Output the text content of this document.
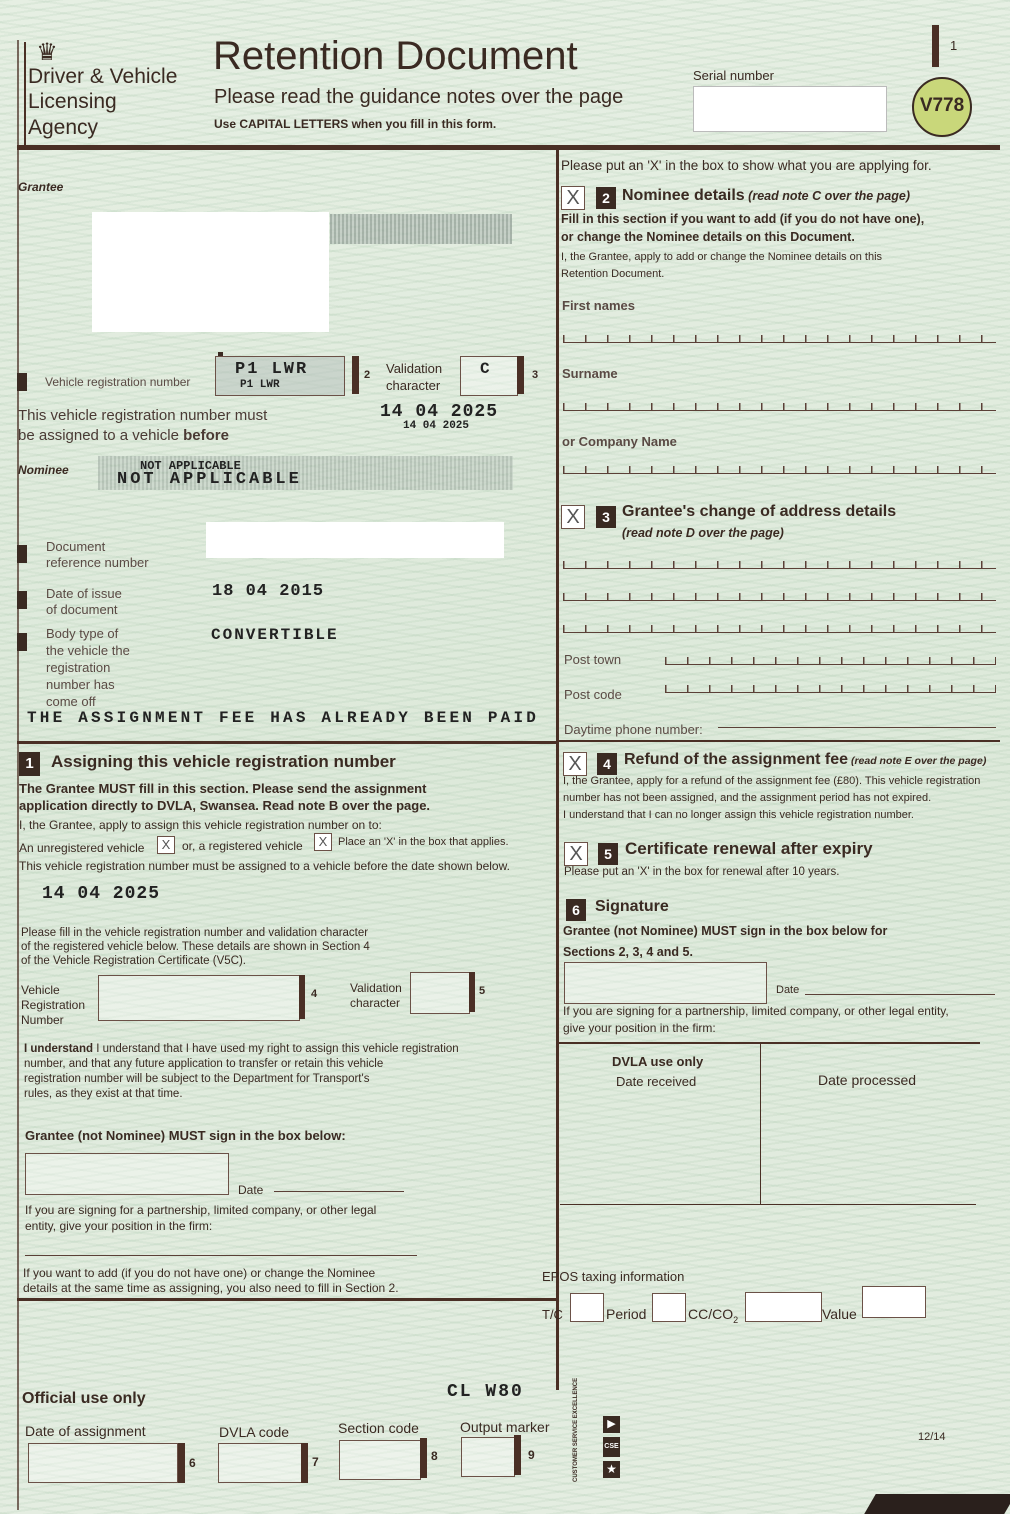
♛
Driver & Vehicle
Licensing
Agency
Retention Document
Please read the guidance notes over the page
Use CAPITAL LETTERS when you fill in this form.
1
Serial number
V778
Grantee
Vehicle registration number
P1 LWR
P1 LWR
2 Validation
character
C	3
This vehicle registration number must
be assigned to a vehicle before
14 04 2025
14 04 2025
Nominee	NOT APPLICABLE
NOT APPLICABLE
Document
reference number
Date of issue
of document
18 04 2015
Body type of
the vehicle the
registration
number has
come off
CONVERTIBLE
THE ASSIGNMENT FEE HAS ALREADY BEEN PAID
1	Assigning this vehicle registration number
The Grantee MUST fill in this section. Please send the assignment
application directly to DVLA, Swansea. Read note B over the page.
I, the Grantee, apply to assign this vehicle registration number on to:
An unregistered vehicle	X or, a registered vehicle	X Place an 'X' in the box that applies.
This vehicle registration number must be assigned to a vehicle before the date shown below.
14 04 2025
Please fill in the vehicle registration number and validation character
of the registered vehicle below. These details are shown in Section 4
of the Vehicle Registration Certificate (V5C).
Vehicle
Registration
Number
4	Validation
character
5
I understand I understand that I have used my right to assign this vehicle registration
number, and that any future application to transfer or retain this vehicle
registration number will be subject to the Department for Transport's
rules, as they exist at that time.
Grantee (not Nominee) MUST sign in the box below:
Date
If you are signing for a partnership, limited company, or other legal
entity, give your position in the firm:
If you want to add (if you do not have one) or change the Nominee
details at the same time as assigning, you also need to fill in Section 2.
Please put an 'X' in the box to show what you are applying for.
X	2 Nominee details (read note C over the page)
Fill in this section if you want to add (if you do not have one),
or change the Nominee details on this Document.
I, the Grantee, apply to add or change the Nominee details on this
Retention Document.
First names
Surname
or Company Name
X	3 Grantee's change of address details
(read note D over the page)
Post town
Post code
Daytime phone number:
X	4 Refund of the assignment fee (read note E over the page)
I, the Grantee, apply for a refund of the assignment fee (£80). This vehicle registration
number has not been assigned, and the assignment period has not expired.
I understand that I can no longer assign this vehicle registration number.
X	5 Certificate renewal after expiry
Please put an 'X' in the box for renewal after 10 years.
6 Signature
Grantee (not Nominee) MUST sign in the box below for
Sections 2, 3, 4 and 5.
Date
If you are signing for a partnership, limited company, or other legal entity,
give your position in the firm:
DVLA use only
Date received	Date processed
EPOS taxing information
T/C	Period	$CC/CO_2$	Value
Official use only	CL W80
Date of assignment
6
DVLA code
7
Section code
8
Output marker
9	CUSTOMER SERVICE EXCELLENCE	▶
CSE
★
12/14
